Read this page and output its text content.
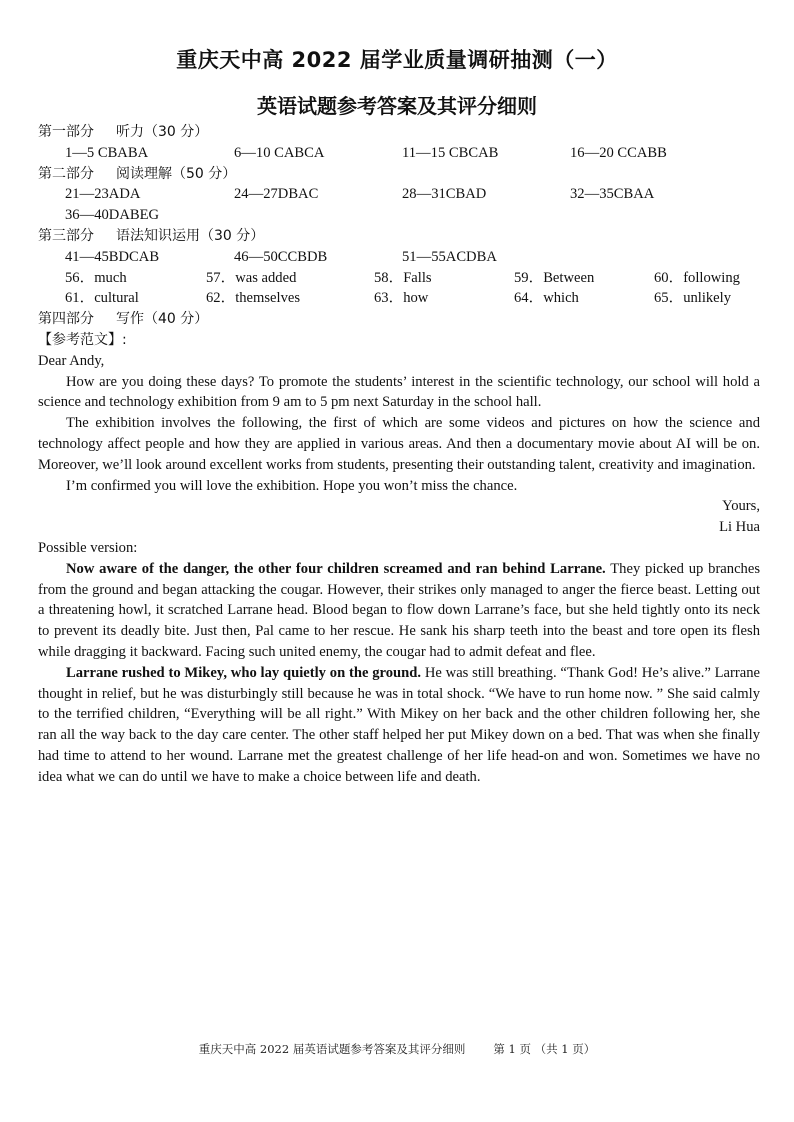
重庆天中高 2022 届学业质量调研抽测（一）
英语试题参考答案及其评分细则
第一部分 听力（30 分）
1—5 CBABA	6—10 CABCA	11—15 CBCAB	16—20 CCABB
第二部分 阅读理解（50 分）
21—23ADA	24—27DBAC	28—31CBAD	32—35CBAA
36—40DABEG
第三部分 语法知识运用（30 分）
41—45BDCAB	46—50CCBDB	51—55ACDBA
56．much	57．was added	58．Falls	59．Between	60．following
61．cultural	62．themselves	63．how	64．which	65．unlikely
第四部分 写作（40 分）
【参考范文】:
Dear Andy,
How are you doing these days? To promote the students’ interest in the scientific technology, our school will hold a science and technology exhibition from 9 am to 5 pm next Saturday in the school hall.
The exhibition involves the following, the first of which are some videos and pictures on how the science and technology affect people and how they are applied in various areas. And then a documentary movie about AI will be on. Moreover, we’ll look around excellent works from students, presenting their outstanding talent, creativity and imagination.
I’m confirmed you will love the exhibition. Hope you won’t miss the chance.
Yours,
Li Hua
Possible version:
Now aware of the danger, the other four children screamed and ran behind Larrane. They picked up branches from the ground and began attacking the cougar. However, their strikes only managed to anger the fierce beast. Letting out a threatening howl, it scratched Larrane head. Blood began to flow down Larrane’s face, but she held tightly onto its neck to prevent its deadly bite. Just then, Pal came to her rescue. He sank his sharp teeth into the beast and tore open its flesh while dragging it backward. Facing such united enemy, the cougar had to admit defeat and flee.
Larrane rushed to Mikey, who lay quietly on the ground. He was still breathing. “Thank God! He’s alive.” Larrane thought in relief, but he was disturbingly still because he was in total shock. “We have to run home now. ” She said calmly to the terrified children, “Everything will be all right.” With Mikey on her back and the other children following her, she ran all the way back to the day care center. The other staff helped her put Mikey down on a bed. That was when she finally had time to attend to her wound. Larrane met the greatest challenge of her life head-on and won. Sometimes we have no idea what we can do until we have to make a choice between life and death.
重庆天中高 2022 届英语试题参考答案及其评分细则 第 1 页 （共 1 页）
